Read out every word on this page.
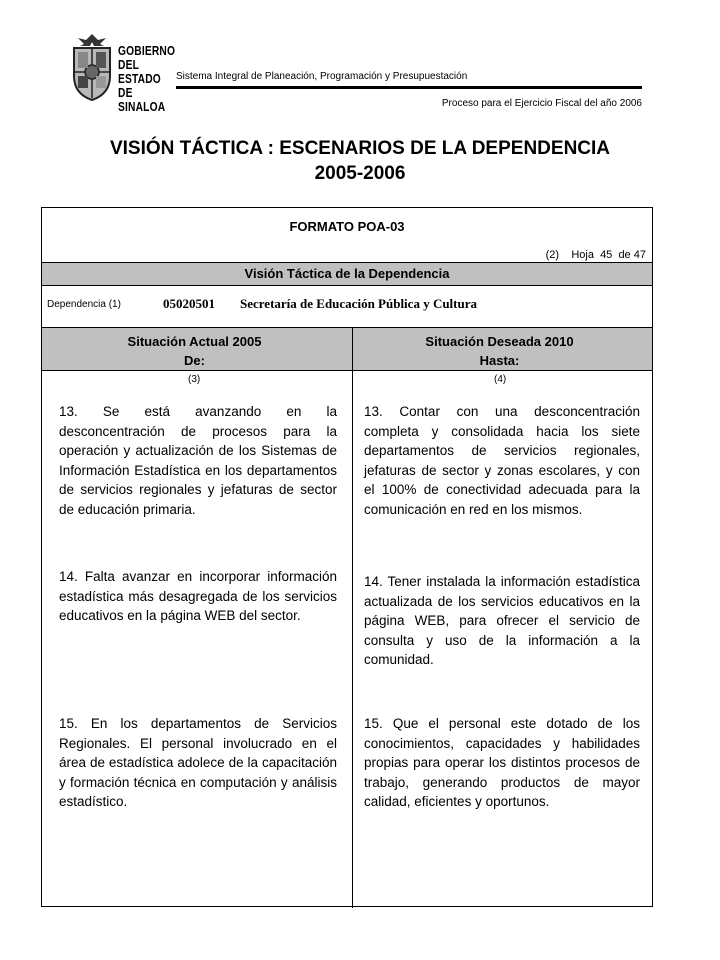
GOBIERNO
DEL ESTADO
DE SINALOA
Sistema Integral de Planeación, Programación y Presupuestación
Proceso para el Ejercicio Fiscal del año 2006
VISIÓN TÁCTICA : ESCENARIOS DE LA DEPENDENCIA
2005-2006
FORMATO POA-03
(2) Hoja 45 de 47
Visión Táctica de la Dependencia
Dependencia (1)	05020501 Secretaría de Educación Pública y Cultura
Situación Actual 2005
De:
Situación Deseada 2010
Hasta:
(3)	(4)
13. Se está avanzando en la desconcentración de procesos para la operación y actualización de los Sistemas de Información Estadística en los departamentos de servicios regionales y jefaturas de sector de educación primaria.
13. Contar con una desconcentración completa y consolidada hacia los siete departamentos de servicios regionales, jefaturas de sector y zonas escolares, y con el 100% de conectividad adecuada para la comunicación en red en los mismos.
14. Falta avanzar en incorporar información estadística más desagregada de los servicios educativos en la página WEB del sector.
14. Tener instalada la información estadística actualizada de los servicios educativos en la página WEB, para ofrecer el servicio de consulta y uso de la información a la comunidad.
15. En los departamentos de Servicios Regionales. El personal involucrado en el área de estadística adolece de la capacitación y formación técnica en computación y análisis estadístico.
15. Que el personal este dotado de los conocimientos, capacidades y habilidades propias para operar los distintos procesos de trabajo, generando productos de mayor calidad, eficientes y oportunos.
